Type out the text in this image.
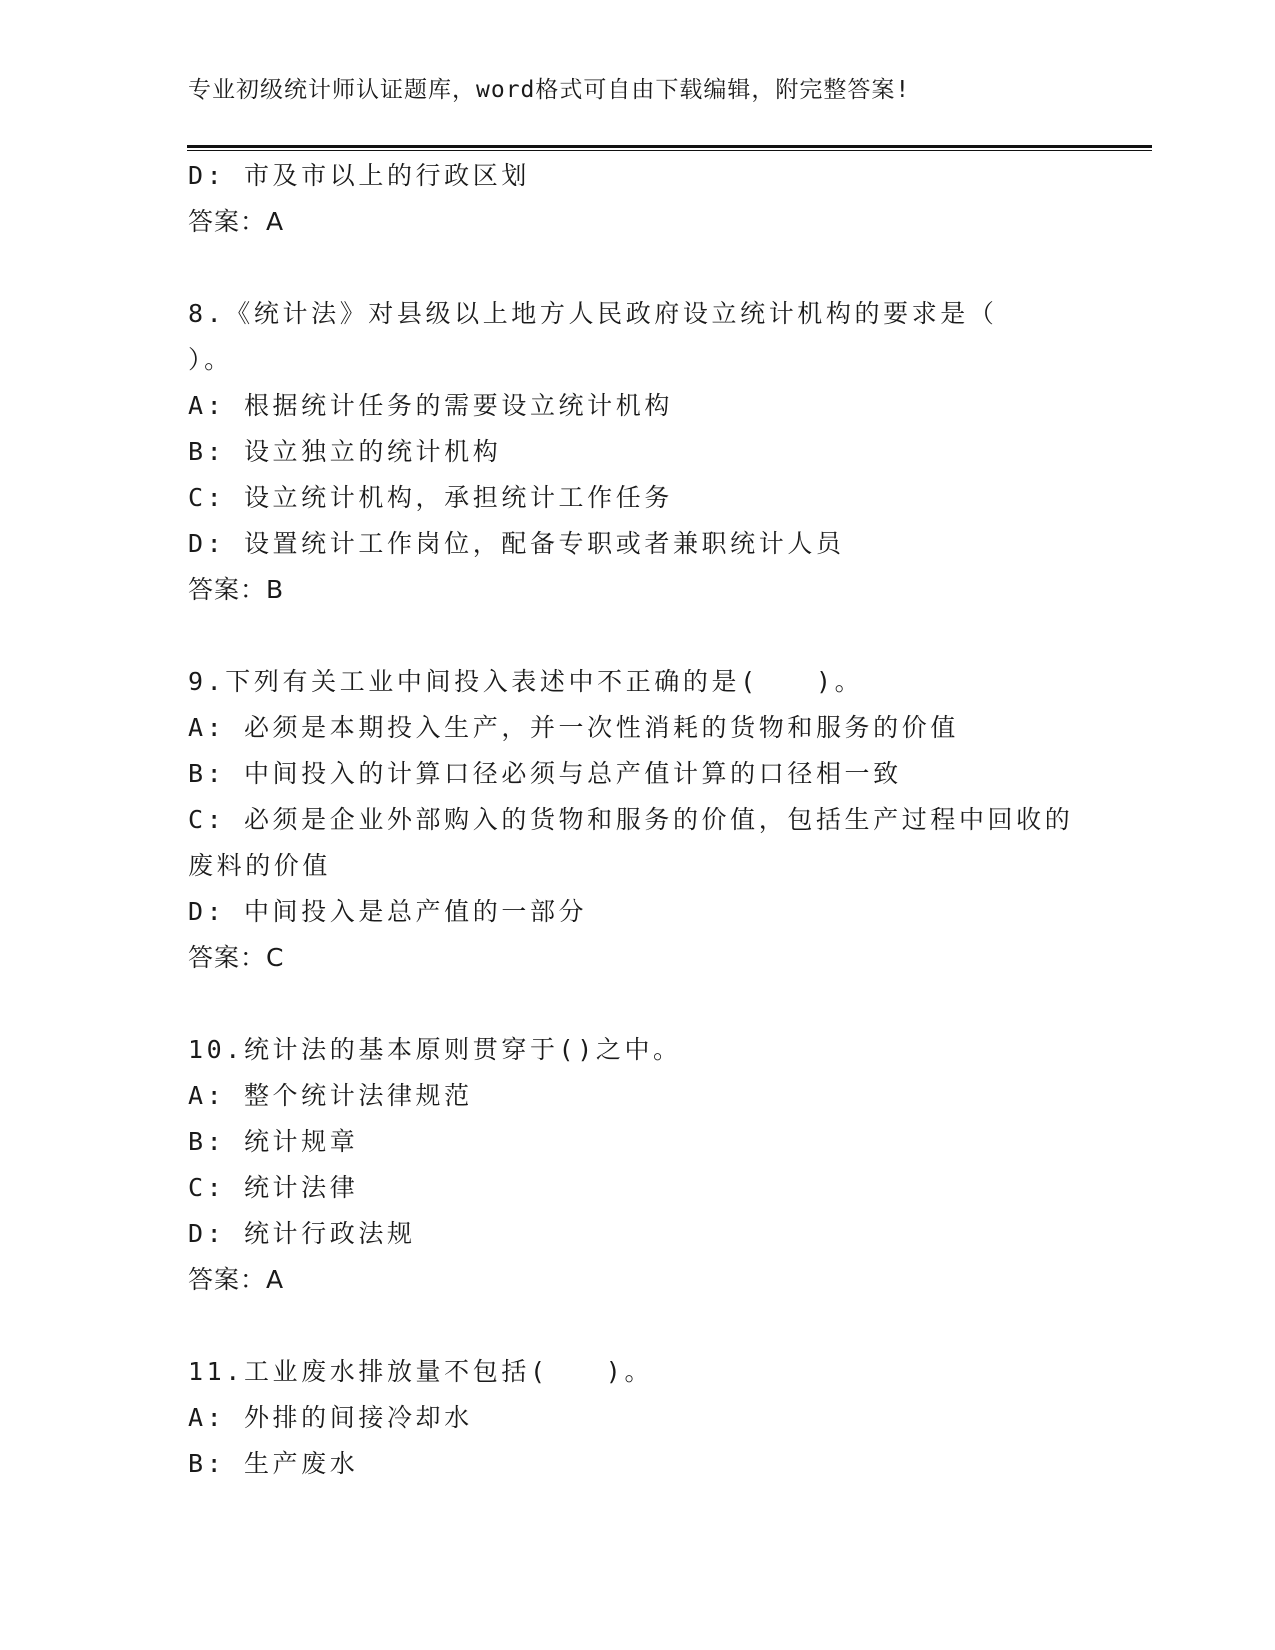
专业初级统计师认证题库，word格式可自由下载编辑，附完整答案!
D: 市及市以上的行政区划
答案：A
8.《统计法》对县级以上地方人民政府设立统计机构的要求是（
）。
A: 根据统计任务的需要设立统计机构
B: 设立独立的统计机构
C: 设立统计机构，承担统计工作任务
D: 设置统计工作岗位，配备专职或者兼职统计人员
答案：B
9.下列有关工业中间投入表述中不正确的是(　　)。
A: 必须是本期投入生产，并一次性消耗的货物和服务的价值
B: 中间投入的计算口径必须与总产值计算的口径相一致
C: 必须是企业外部购入的货物和服务的价值，包括生产过程中回收的
废料的价值
D: 中间投入是总产值的一部分
答案：C
10.统计法的基本原则贯穿于()之中。
A: 整个统计法律规范
B: 统计规章
C: 统计法律
D: 统计行政法规
答案：A
11.工业废水排放量不包括(　　)。
A: 外排的间接冷却水
B: 生产废水
